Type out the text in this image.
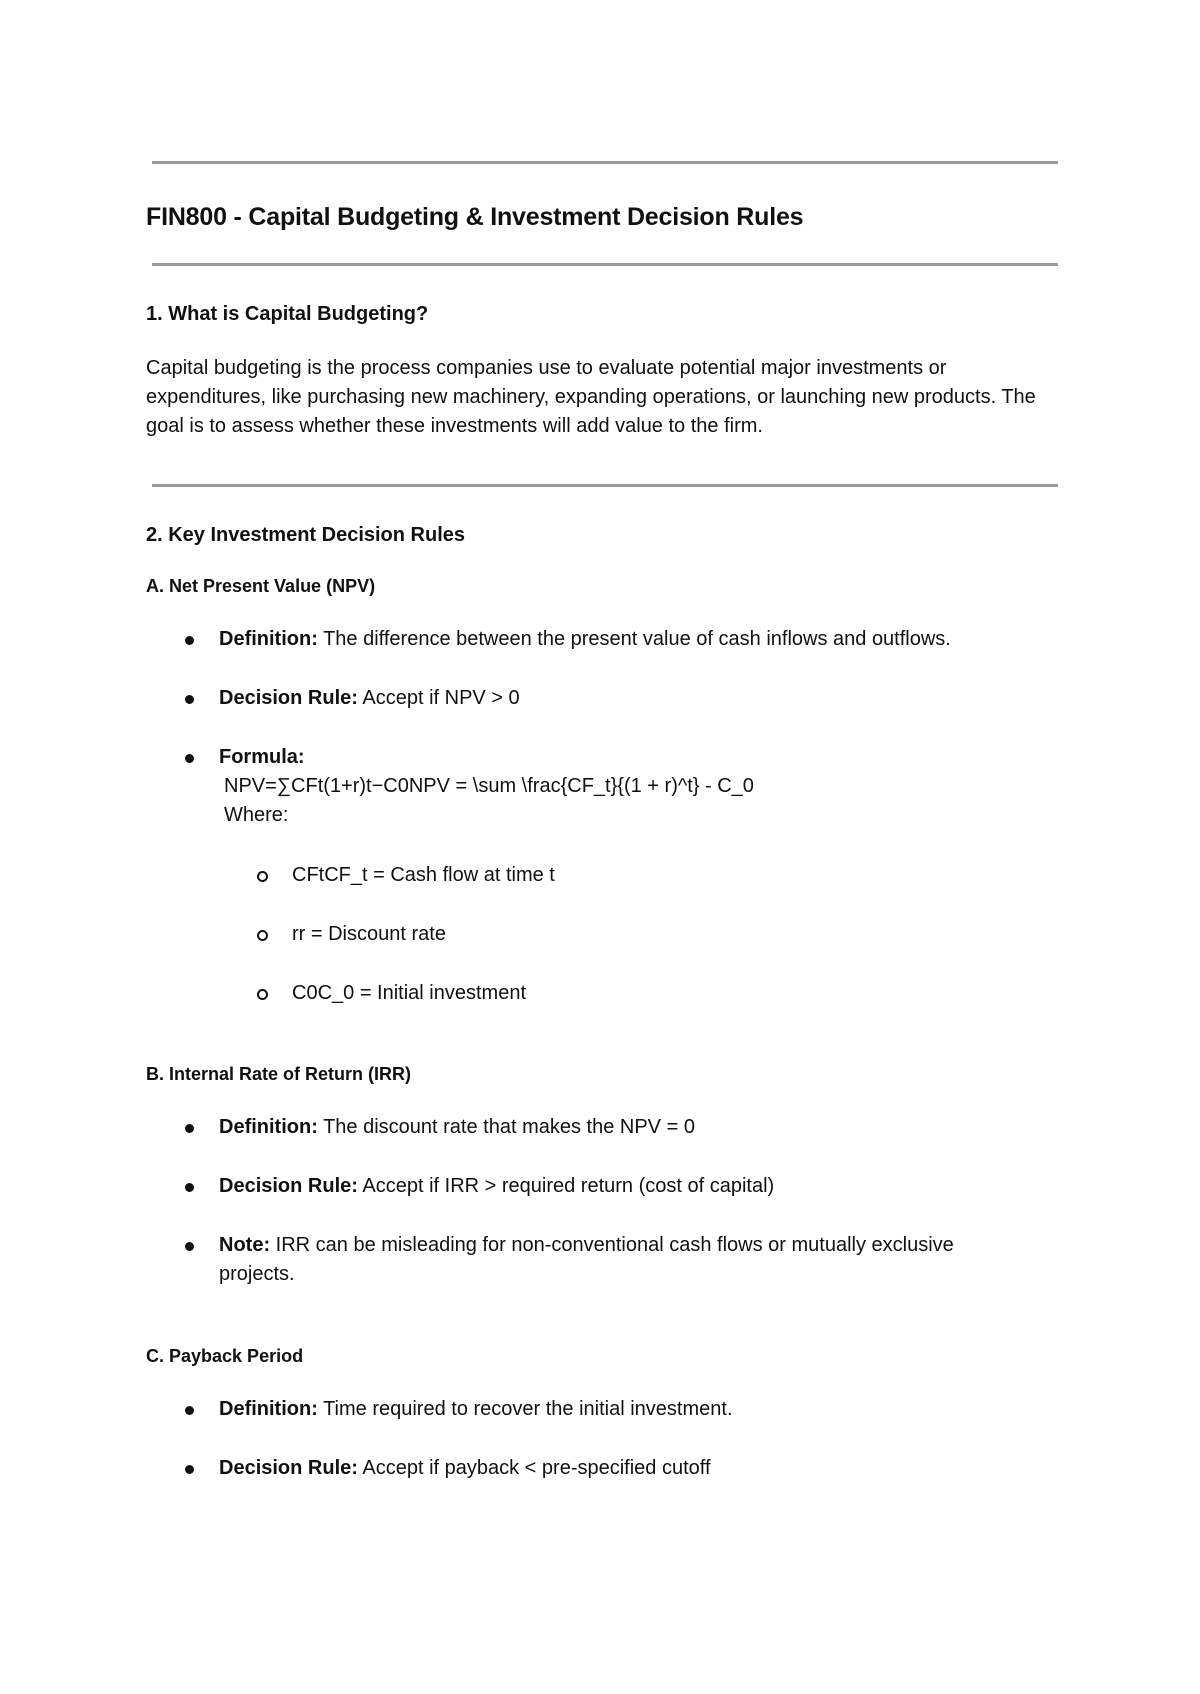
FIN800 - Capital Budgeting & Investment Decision Rules
1. What is Capital Budgeting?
Capital budgeting is the process companies use to evaluate potential major investments or expenditures, like purchasing new machinery, expanding operations, or launching new products. The goal is to assess whether these investments will add value to the firm.
2. Key Investment Decision Rules
A. Net Present Value (NPV)
Definition: The difference between the present value of cash inflows and outflows.
Decision Rule: Accept if NPV > 0
Formula:
NPV=∑CFt(1+r)t−C0NPV = \sum \frac{CF_t}{(1 + r)^t} - C_0
Where:
CFtCF_t = Cash flow at time t
rr = Discount rate
C0C_0 = Initial investment
B. Internal Rate of Return (IRR)
Definition: The discount rate that makes the NPV = 0
Decision Rule: Accept if IRR > required return (cost of capital)
Note: IRR can be misleading for non-conventional cash flows or mutually exclusive
projects.
C. Payback Period
Definition: Time required to recover the initial investment.
Decision Rule: Accept if payback < pre-specified cutoff
